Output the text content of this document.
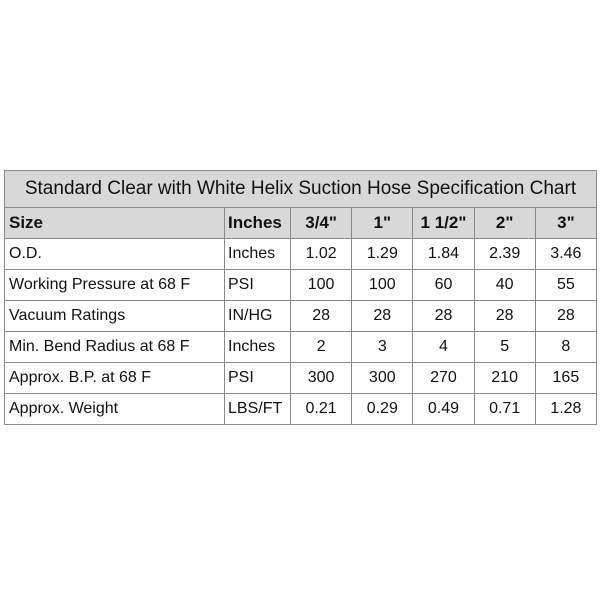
Standard Clear with White Helix Suction Hose Specification Chart						
Size	Inches	3/4"	1"	1 1/2"	2"	3"
O.D.	Inches	1.02	1.29	1.84	2.39	3.46
Working Pressure at 68 F	PSI	100	100	60	40	55
Vacuum Ratings	IN/HG	28	28	28	28	28
Min. Bend Radius at 68 F	Inches	2	3	4	5	8
Approx. B.P. at 68 F	PSI	300	300	270	210	165
Approx. Weight	LBS/FT	0.21	0.29	0.49	0.71	1.28
